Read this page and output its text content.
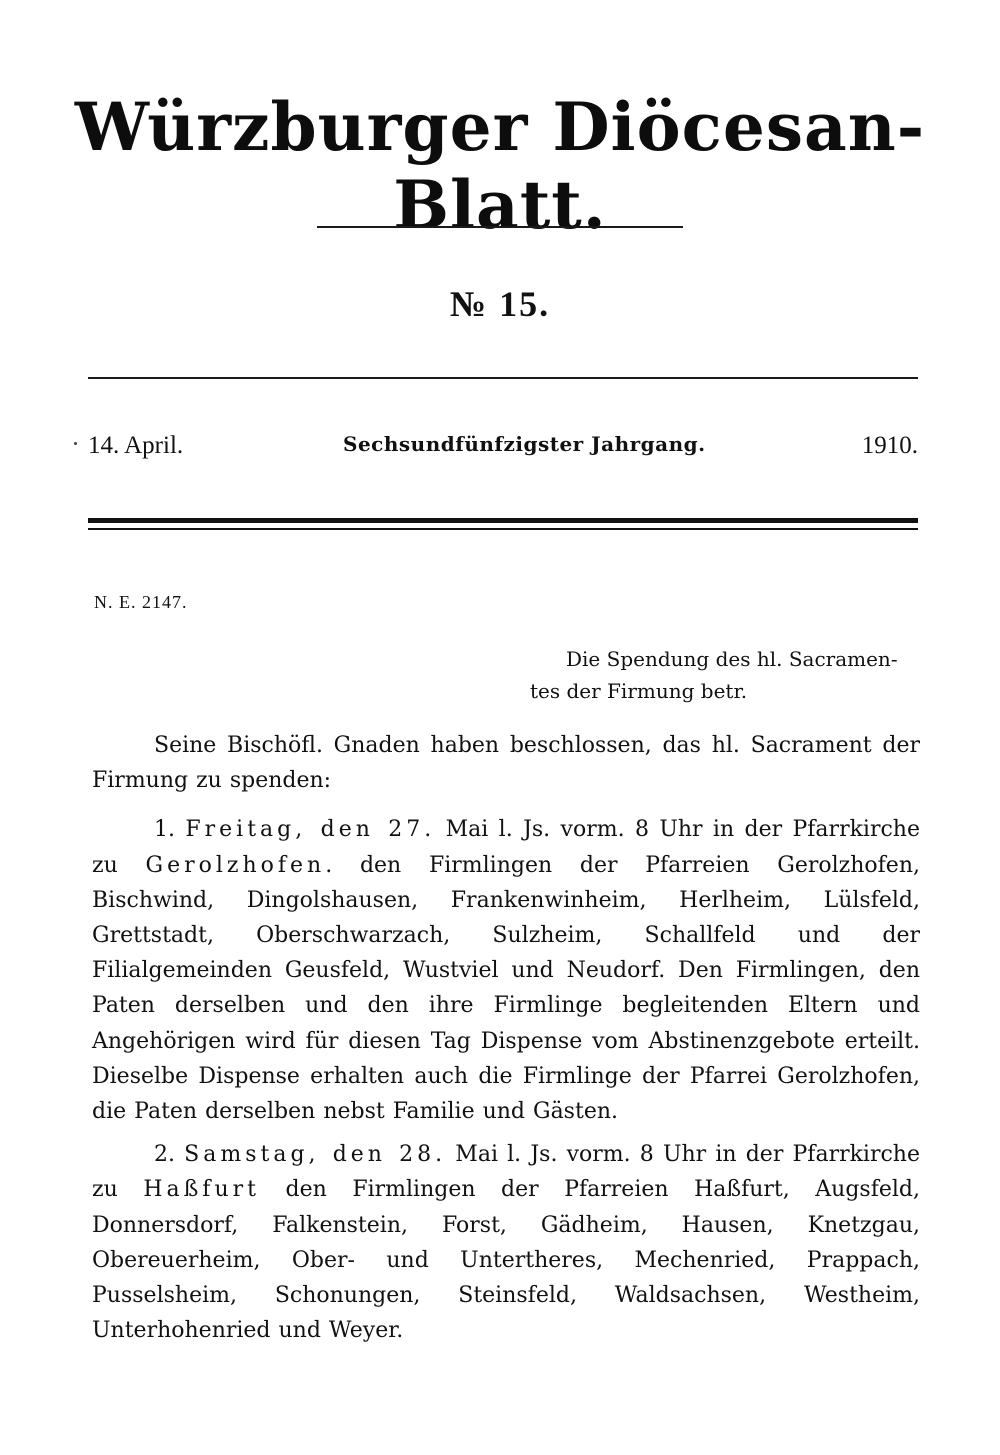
Würzburger Diöcesan-Blatt.
№ 15.
14. April.	Sechsundfünfzigster Jahrgang.	1910.
N. E. 2147.
Die Spendung des hl. Sacramen-
tes der Firmung betr.

Seine Bischöfl. Gnaden haben beschlossen, das hl. Sacrament der Firmung zu spenden:

1. Freitag, den 27. Mai l. Js. vorm. 8 Uhr in der Pfarrkirche zu Gerolzhofen. den Firmlingen der Pfarreien Gerolzhofen, Bischwind, Dingolshausen, Frankenwinheim, Herlheim, Lülsfeld, Grettstadt, Oberschwarzach, Sulzheim, Schallfeld und der Filialgemeinden Geusfeld, Wustviel und Neudorf. Den Firmlingen, den Paten derselben und den ihre Firmlinge begleitenden Eltern und Angehörigen wird für diesen Tag Dispense vom Abstinenzgebote erteilt. Dieselbe Dispense erhalten auch die Firmlinge der Pfarrei Gerolzhofen, die Paten derselben nebst Familie und Gästen.

2. Samstag, den 28. Mai l. Js. vorm. 8 Uhr in der Pfarrkirche zu Haßfurt den Firmlingen der Pfarreien Haßfurt, Augsfeld, Donnersdorf, Falkenstein, Forst, Gädheim, Hausen, Knetzgau, Obereuerheim, Ober- und Untertheres, Mechenried, Prappach, Pusselsheim, Schonungen, Steinsfeld, Waldsachsen, Westheim, Unterhohenried und Weyer.
